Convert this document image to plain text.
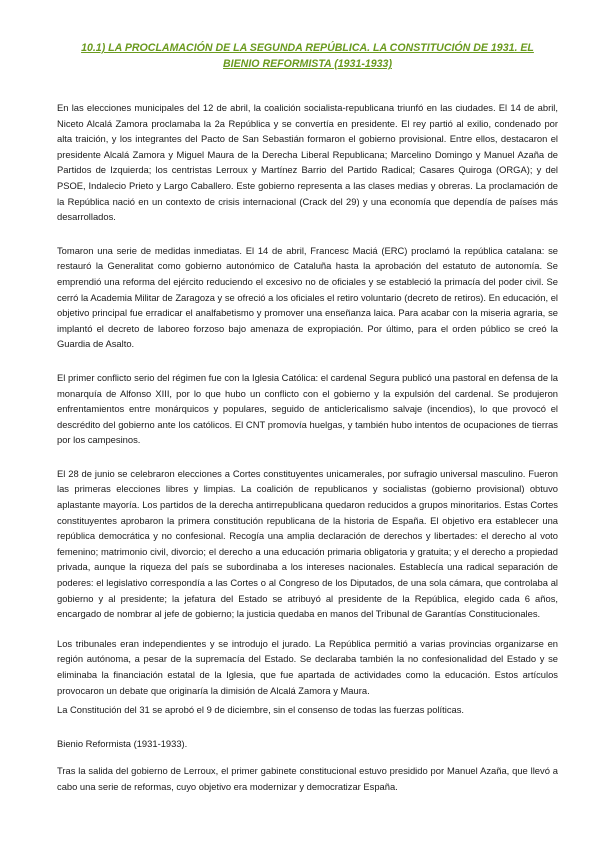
10.1) LA PROCLAMACIÓN DE LA SEGUNDA REPÚBLICA. LA CONSTITUCIÓN DE 1931. EL BIENIO REFORMISTA (1931-1933)

En las elecciones municipales del 12 de abril, la coalición socialista-republicana triunfó en las ciudades. El 14 de abril, Niceto Alcalá Zamora proclamaba la 2a República y se convertía en presidente. El rey partió al exilio, condenado por alta traición, y los integrantes del Pacto de San Sebastián formaron el gobierno provisional. Entre ellos, destacaron el presidente Alcalá Zamora y Miguel Maura de la Derecha Liberal Republicana; Marcelino Domingo y Manuel Azaña de Partidos de Izquierda; los centristas Lerroux y Martínez Barrio del Partido Radical; Casares Quiroga (ORGA); y del PSOE, Indalecio Prieto y Largo Caballero. Este gobierno representa a las clases medias y obreras. La proclamación de la República nació en un contexto de crisis internacional (Crack del 29) y una economía que dependía de países más desarrollados.

Tomaron una serie de medidas inmediatas. El 14 de abril, Francesc Maciá (ERC) proclamó la república catalana: se restauró la Generalitat como gobierno autonómico de Cataluña hasta la aprobación del estatuto de autonomía. Se emprendió una reforma del ejército reduciendo el excesivo no de oficiales y se estableció la primacía del poder civil. Se cerró la Academia Militar de Zaragoza y se ofreció a los oficiales el retiro voluntario (decreto de retiros). En educación, el objetivo principal fue erradicar el analfabetismo y promover una enseñanza laica. Para acabar con la miseria agraria, se implantó el decreto de laboreo forzoso bajo amenaza de expropiación. Por último, para el orden público se creó la Guardia de Asalto.

El primer conflicto serio del régimen fue con la Iglesia Católica: el cardenal Segura publicó una pastoral en defensa de la monarquía de Alfonso XIII, por lo que hubo un conflicto con el gobierno y la expulsión del cardenal. Se produjeron enfrentamientos entre monárquicos y populares, seguido de anticlericalismo salvaje (incendios), lo que provocó el descrédito del gobierno ante los católicos. El CNT promovía huelgas, y también hubo intentos de ocupaciones de tierras por los campesinos.

El 28 de junio se celebraron elecciones a Cortes constituyentes unicamerales, por sufragio universal masculino. Fueron las primeras elecciones libres y limpias. La coalición de republicanos y socialistas (gobierno provisional) obtuvo aplastante mayoría. Los partidos de la derecha antirrepublicana quedaron reducidos a grupos minoritarios. Estas Cortes constituyentes aprobaron la primera constitución republicana de la historia de España. El objetivo era establecer una república democrática y no confesional. Recogía una amplia declaración de derechos y libertades: el derecho al voto femenino; matrimonio civil, divorcio; el derecho a una educación primaria obligatoria y gratuita; y el derecho a propiedad privada, aunque la riqueza del país se subordinaba a los intereses nacionales. Establecía una radical separación de poderes: el legislativo correspondía a las Cortes o al Congreso de los Diputados, de una sola cámara, que controlaba al gobierno y al presidente; la jefatura del Estado se atribuyó al presidente de la República, elegido cada 6 años, encargado de nombrar al jefe de gobierno; la justicia quedaba en manos del Tribunal de Garantías Constitucionales.

Los tribunales eran independientes y se introdujo el jurado. La República permitió a varias provincias organizarse en región autónoma, a pesar de la supremacía del Estado. Se declaraba también la no confesionalidad del Estado y se eliminaba la financiación estatal de la Iglesia, que fue apartada de actividades como la educación. Estos artículos provocaron un debate que originaría la dimisión de Alcalá Zamora y Maura.

La Constitución del 31 se aprobó el 9 de diciembre, sin el consenso de todas las fuerzas políticas.

Bienio Reformista (1931-1933).

Tras la salida del gobierno de Lerroux, el primer gabinete constitucional estuvo presidido por Manuel Azaña, que llevó a cabo una serie de reformas, cuyo objetivo era modernizar y democratizar España.
